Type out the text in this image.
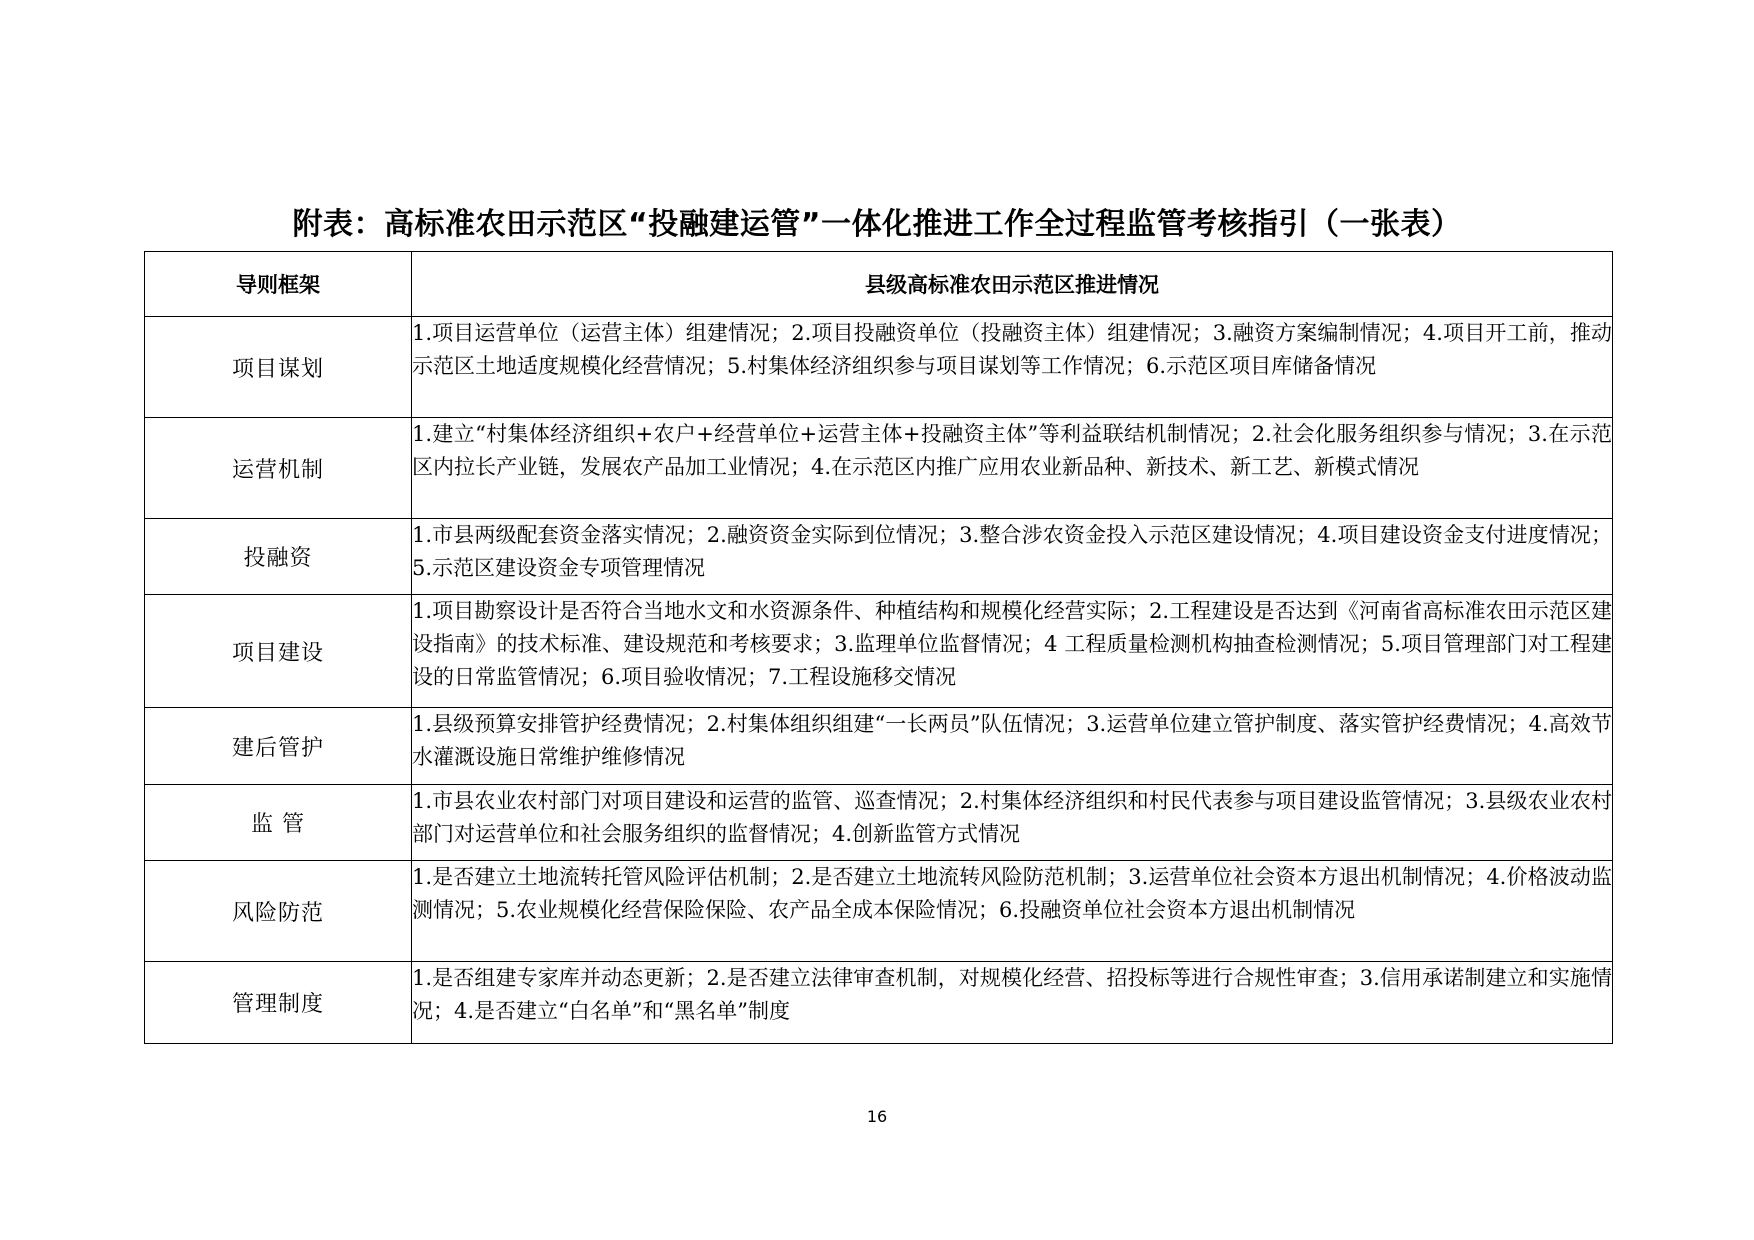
附表：高标准农田示范区“投融建运管”一体化推进工作全过程监管考核指引（一张表）
导则框架	县级高标准农田示范区推进情况
项目谋划	1.项目运营单位（运营主体）组建情况；2.项目投融资单位（投融资主体）组建情况；3.融资方案编制情况；4.项目开工前，推动示范区土地适度规模化经营情况；5.村集体经济组织参与项目谋划等工作情况；6.示范区项目库储备情况
运营机制	1.建立“村集体经济组织+农户+经营单位+运营主体+投融资主体”等利益联结机制情况；2.社会化服务组织参与情况；3.在示范区内拉长产业链，发展农产品加工业情况；4.在示范区内推广应用农业新品种、新技术、新工艺、新模式情况
投融资	1.市县两级配套资金落实情况；2.融资资金实际到位情况；3.整合涉农资金投入示范区建设情况；4.项目建设资金支付进度情况；5.示范区建设资金专项管理情况
项目建设	1.项目勘察设计是否符合当地水文和水资源条件、种植结构和规模化经营实际；2.工程建设是否达到《河南省高标准农田示范区建设指南》的技术标准、建设规范和考核要求；3.监理单位监督情况；4 工程质量检测机构抽查检测情况；5.项目管理部门对工程建设的日常监管情况；6.项目验收情况；7.工程设施移交情况
建后管护	1.县级预算安排管护经费情况；2.村集体组织组建“一长两员”队伍情况；3.运营单位建立管护制度、落实管护经费情况；4.高效节水灌溉设施日常维护维修情况
监 管	1.市县农业农村部门对项目建设和运营的监管、巡查情况；2.村集体经济组织和村民代表参与项目建设监管情况；3.县级农业农村部门对运营单位和社会服务组织的监督情况；4.创新监管方式情况
风险防范	1.是否建立土地流转托管风险评估机制；2.是否建立土地流转风险防范机制；3.运营单位社会资本方退出机制情况；4.价格波动监测情况；5.农业规模化经营保险保险、农产品全成本保险情况；6.投融资单位社会资本方退出机制情况
管理制度	1.是否组建专家库并动态更新；2.是否建立法律审查机制，对规模化经营、招投标等进行合规性审查；3.信用承诺制建立和实施情况；4.是否建立“白名单”和“黑名单”制度
16
